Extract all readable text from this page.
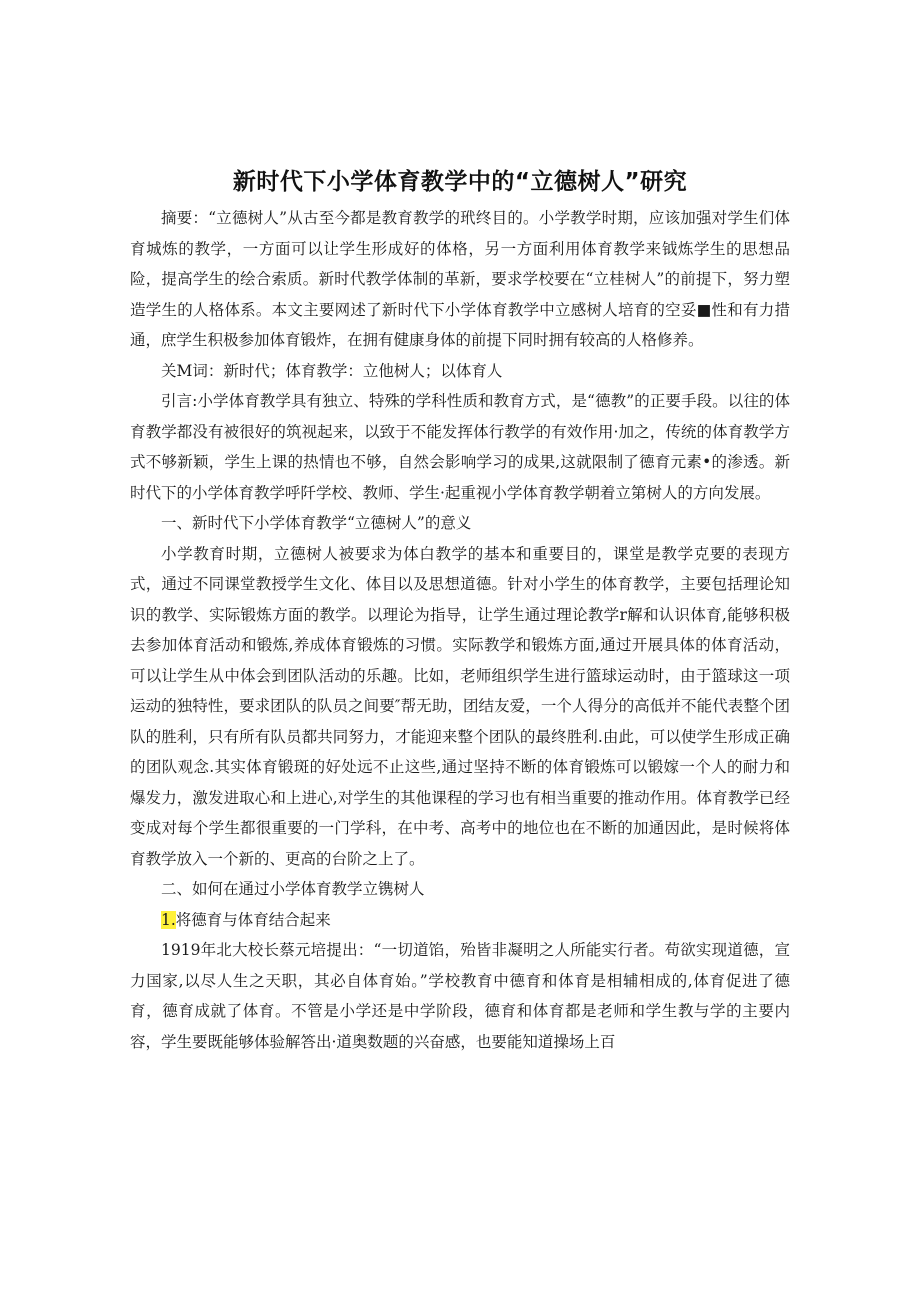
新时代下小学体育教学中的“立德树人”研究

摘要：“立德树人”从古至今都是教育教学的玳终目的。小学教学时期，应该加强对学生们体育城炼的教学，一方面可以让学生形成好的体格，另一方面利用体育教学来钺炼学生的思想品险，提高学生的绘合索质。新时代教学体制的革新，要求学校要在“立桂树人”的前提下，努力塑造学生的人格体系。本文主要网述了新时代下小学体育教学中立感树人培育的空妥■性和有力措通，庶学生积极参加体育锻炸，在拥有健康身体的前提下同时拥有较高的人格修养。

关M词：新时代；体育教学：立他树人；以体育人

引言:小学体育教学具有独立、特殊的学科性质和教育方式，是“德教”的正要手段。以往的体育教学都没有被很好的筑视起来，以致于不能发挥体行教学的有效作用·加之，传统的体育教学方式不够新颖，学生上课的热情也不够，自然会影响学习的成果,这就限制了德育元素•的渗透。新时代下的小学体育教学呼阡学校、教师、学生·起重视小学体育教学朝着立第树人的方向发展。

一、新时代下小学体育教学“立德树人”的意义

小学教育时期，立德树人被要求为体白教学的基本和重要目的，课堂是教学克要的表现方式，通过不同课堂教授学生文化、体目以及思想道德。针对小学生的体育教学，主要包括理论知识的教学、实际锻炼方面的教学。以理论为指导，让学生通过理论教学r解和认识体育,能够积极去参加体育活动和锻炼,养成体育锻炼的习惯。实际教学和锻炼方面,通过开展具体的体育活动，可以让学生从中体会到团队活动的乐趣。比如，老师组织学生进行篮球运动时，由于篮球这一项运动的独特性，要求团队的队员之间要″帮无助，团结友爱，一个人得分的高低并不能代表整个团队的胜利，只有所有队员都共同努力，才能迎来整个团队的最终胜利.由此，可以使学生形成正确的团队观念.其实体育锻斑的好处远不止这些,通过坚持不断的体育锻炼可以锻嫁一个人的耐力和爆发力，激发进取心和上进心,对学生的其他课程的学习也有相当重要的推动作用。体育教学已经变成对每个学生都很重要的一门学科，在中考、高考中的地位也在不断的加通因此，是时候将体育教学放入一个新的、更高的台阶之上了。

二、如何在通过小学体育教学立镌树人

1.将德育与体育结合起来

1919年北大校长蔡元培提出：“一切道馅，殆皆非凝明之人所能实行者。苟欲实现道德，宣力国家,以尽人生之天职，其必自体育始。”学校教育中德育和体育是相辅相成的,体育促进了德育，德育成就了体育。不管是小学还是中学阶段，德育和体育都是老师和学生教与学的主要内容，学生要既能够体验解答出·道奥数题的兴奋感，也要能知道操场上百
